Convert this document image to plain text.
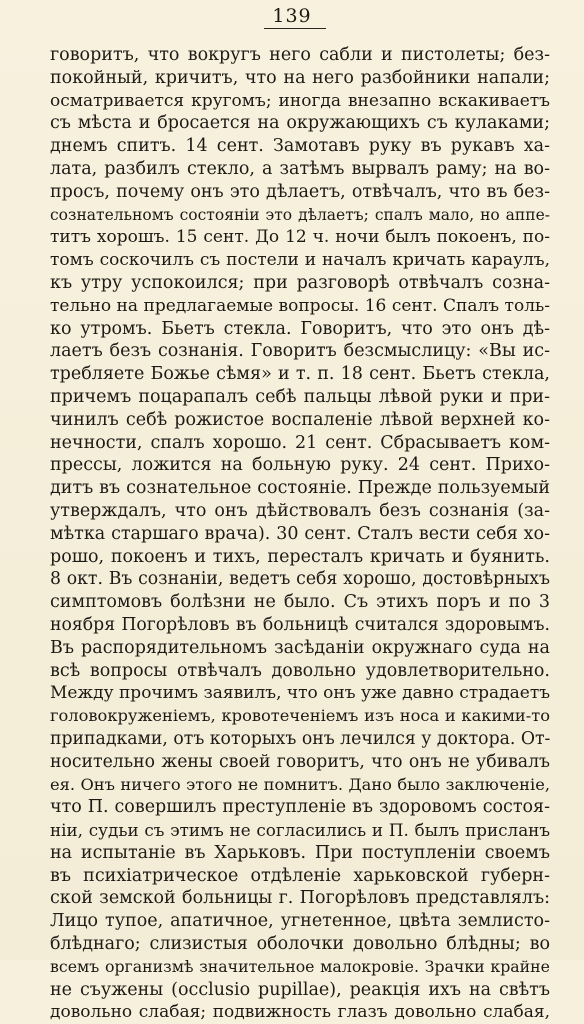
139
говоритъ, что вокругъ него сабли и пистолеты; без-
покойный, кричитъ, что на него разбойники напали;
осматривается кругомъ; иногда внезапно вскакиваетъ
съ мѣста и бросается на окружающихъ съ кулаками;
днемъ спитъ. 14 сент. Замотавъ руку въ рукавъ ха-
лата, разбилъ стекло, а затѣмъ вырвалъ раму; на во-
просъ, почему онъ это дѣлаетъ, отвѣчалъ, что въ без-
сознательномъ состояніи это дѣлаетъ; спалъ мало, но аппе-
титъ хорошъ. 15 сент. До 12 ч. ночи былъ покоенъ, по-
томъ соскочилъ съ постели и началъ кричать караулъ,
къ утру успокоился; при разговорѣ отвѣчалъ созна-
тельно на предлагаемые вопросы. 16 сент. Спалъ толь-
ко утромъ. Бьетъ стекла. Говоритъ, что это онъ дѣ-
лаетъ безъ сознанія. Говоритъ безсмыслицу: «Вы ис-
требляете Божье сѣмя» и т. п. 18 сент. Бьетъ стекла,
причемъ поцарапалъ себѣ пальцы лѣвой руки и при-
чинилъ себѣ рожистое воспаленіе лѣвой верхней ко-
нечности, спалъ хорошо. 21 сент. Сбрасываетъ ком-
прессы, ложится на больную руку. 24 сент. Прихо-
дитъ въ сознательное состояніе. Прежде пользуемый
утверждалъ, что онъ дѣйствовалъ безъ сознанія (за-
мѣтка старшаго врача). 30 сент. Сталъ вести себя хо-
рошо, покоенъ и тихъ, пересталъ кричать и буянить.
8 окт. Въ сознаніи, ведетъ себя хорошо, достовѣрныхъ
симптомовъ болѣзни не было. Съ этихъ поръ и по 3
ноября Погорѣловъ въ больницѣ считался здоровымъ.
Въ распорядительномъ засѣданіи окружнаго суда на
всѣ вопросы отвѣчалъ довольно удовлетворительно.
Между прочимъ заявилъ, что онъ уже давно страдаетъ
головокруженіемъ, кровотеченіемъ изъ носа и какими-то
припадками, отъ которыхъ онъ лечился у доктора. От-
носительно жены своей говоритъ, что онъ не убивалъ
ея. Онъ ничего этого не помнитъ. Дано было заключеніе,
что П. совершилъ преступленіе въ здоровомъ состоя-
ніи, судьи съ этимъ не согласились и П. былъ присланъ
на испытаніе въ Харьковъ. При поступленіи своемъ
въ психіатрическое отдѣленіе харьковской губерн-
ской земской больницы г. Погорѣловъ представлялъ:
Лицо тупое, апатичное, угнетенное, цвѣта землисто-
блѣднаго; слизистыя оболочки довольно блѣдны; во
всемъ организмѣ значительное малокровіе. Зрачки крайне
не съужены (occlusio pupillae), реакція ихъ на свѣтъ
довольно слабая; подвижность глазъ довольно слабая,
